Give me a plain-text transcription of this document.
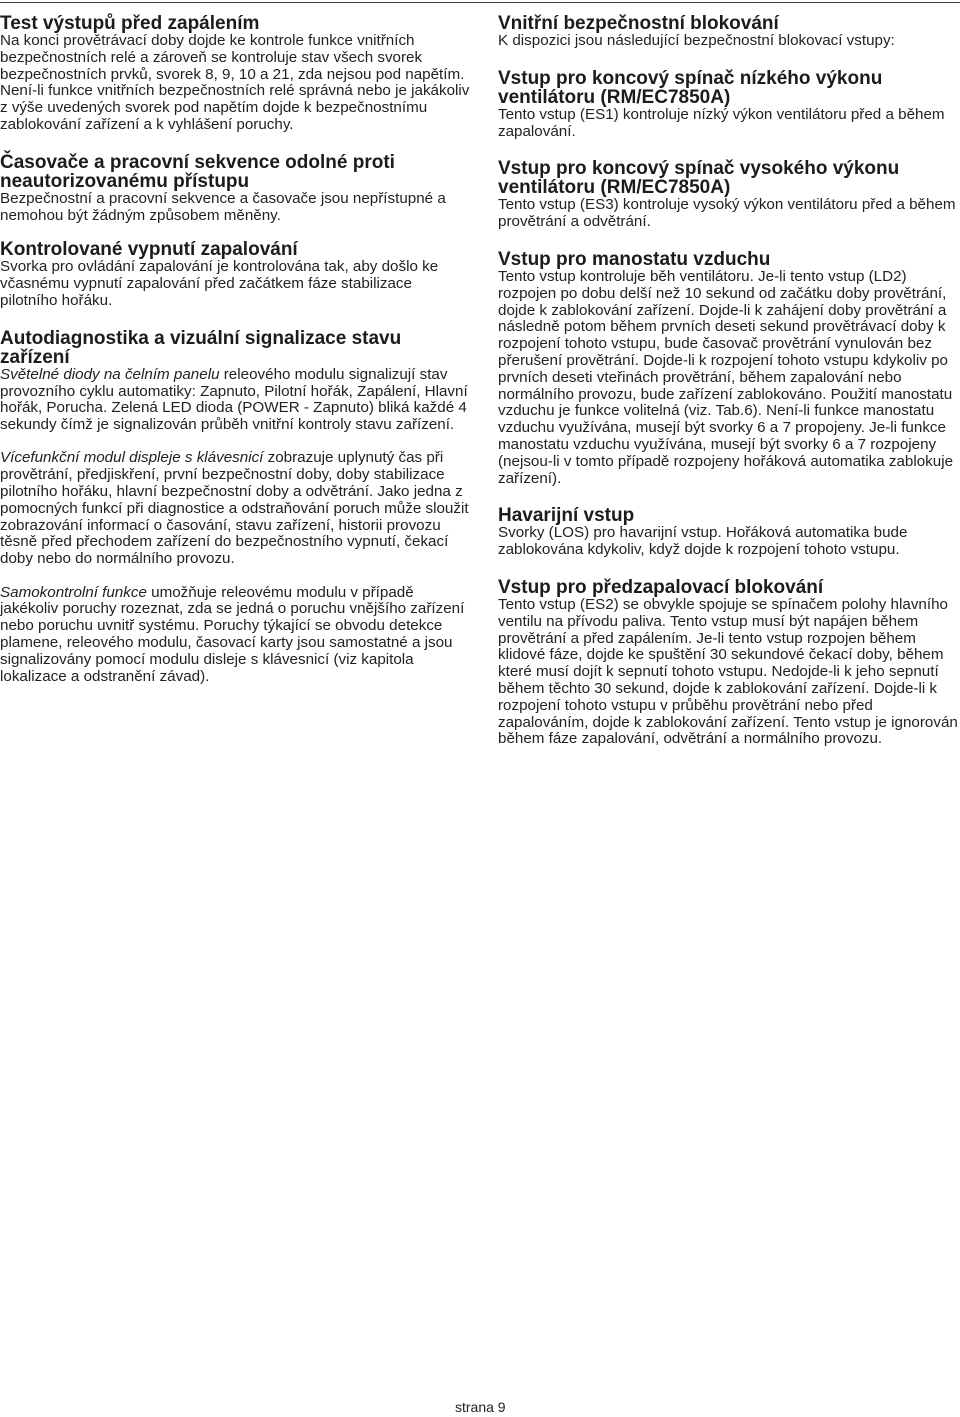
Test výstupů před zapálením

Na konci provětrávací doby dojde ke kontrole funkce vnitřních bezpečnostních relé a zároveň se kontroluje stav všech svorek bezpečnostních prvků, svorek 8, 9, 10 a 21, zda nejsou pod napětím. Není-li funkce vnitřních bezpečnostních relé správná nebo je jakákoliv z výše uvedených svorek pod napětím dojde k bezpečnostnímu zablokování zařízení a k vyhlášení poruchy.

Časovače a pracovní sekvence odolné proti neautorizovanému přístupu

Bezpečnostní a pracovní sekvence a časovače jsou nepřístupné a nemohou být žádným způsobem měněny.

Kontrolované vypnutí zapalování

Svorka pro ovládání zapalování je kontrolována tak, aby došlo ke včasnému vypnutí zapalování před začátkem fáze stabilizace pilotního hořáku.

Autodiagnostika a vizuální signalizace stavu zařízení

Světelné diody na čelním panelu releového modulu signalizují stav provozního cyklu automatiky: Zapnuto, Pilotní hořák, Zapálení, Hlavní hořák, Porucha. Zelená LED dioda (POWER - Zapnuto) bliká každé 4 sekundy čímž je signalizován průběh vnitřní kontroly stavu zařízení.

Vícefunkční modul displeje s klávesnicí zobrazuje uplynutý čas při provětrání, předjiskření, první bezpečnostní doby, doby stabilizace pilotního hořáku, hlavní bezpečnostní doby a odvětrání. Jako jedna z pomocných funkcí při diagnostice a odstraňování poruch může sloužit zobrazování informací o časování, stavu zařízení, historii provozu těsně před přechodem zařízení do bezpečnostního vypnutí, čekací doby nebo do normálního provozu.

Samokontrolní funkce umožňuje releovému modulu v případě jakékoliv poruchy rozeznat, zda se jedná o poruchu vnějšího zařízení nebo poruchu uvnitř systému. Poruchy týkající se obvodu detekce plamene, releového modulu, časovací karty jsou samostatné a jsou signalizovány pomocí modulu disleje s klávesnicí (viz kapitola lokalizace a odstranění závad).

Vnitřní bezpečnostní blokování

K dispozici jsou následující bezpečnostní blokovací vstupy:

Vstup pro koncový spínač nízkého výkonu ventilátoru (RM/EC7850A)

Tento vstup (ES1) kontroluje nízký výkon ventilátoru před a během zapalování.

Vstup pro koncový spínač vysokého výkonu ventilátoru (RM/EC7850A)

Tento vstup (ES3) kontroluje vysoký výkon ventilátoru před a během provětrání a odvětrání.

Vstup pro manostatu vzduchu

Tento vstup kontroluje běh ventilátoru. Je-li tento vstup (LD2) rozpojen po dobu delší než 10 sekund od začátku doby provětrání, dojde k zablokování zařízení. Dojde-li k zahájení doby provětrání a následně potom během prvních deseti sekund provětrávací doby k rozpojení tohoto vstupu, bude časovač provětrání vynulován bez přerušení provětrání. Dojde-li k rozpojení tohoto vstupu kdykoliv po prvních deseti vteřinách provětrání, během zapalování nebo normálního provozu, bude zařízení zablokováno. Použití manostatu vzduchu je funkce volitelná (viz. Tab.6). Není-li funkce manostatu vzduchu využívána, musejí být svorky 6 a 7 propojeny. Je-li funkce manostatu vzduchu využívána, musejí být svorky 6 a 7 rozpojeny (nejsou-li v tomto případě rozpojeny hořáková automatika zablokuje zařízení).

Havarijní vstup

Svorky (LOS) pro havarijní vstup. Hořáková automatika bude zablokována kdykoliv, když dojde k rozpojení tohoto vstupu.

Vstup pro předzapalovací blokování

Tento vstup (ES2) se obvykle spojuje se spínačem polohy hlavního ventilu na přívodu paliva. Tento vstup musí být napájen během provětrání a před zapálením. Je-li tento vstup rozpojen během klidové fáze, dojde ke spuštění 30 sekundové čekací doby, během které musí dojít k sepnutí tohoto vstupu. Nedojde-li k jeho sepnutí během těchto 30 sekund, dojde k zablokování zařízení. Dojde-li k rozpojení tohoto vstupu v průběhu provětrání nebo před zapalováním, dojde k zablokování zařízení. Tento vstup je ignorován během fáze zapalování, odvětrání a normálního provozu.

strana 9
